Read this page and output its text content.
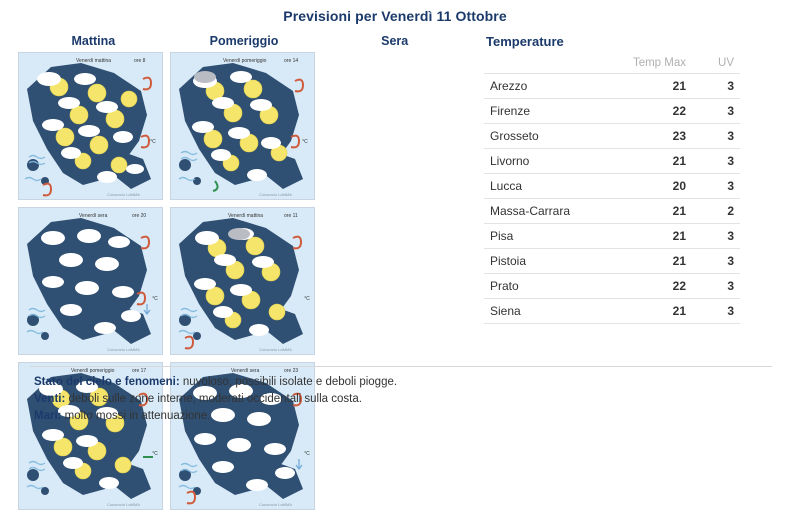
Previsioni per Venerdì 11 Ottobre
Mattina	Pomeriggio	Sera
Venerdì mattina	ore 8
°C
Consorzio LaMMA
Venerdì pomeriggio	ore 14
°C
Consorzio LaMMA
Venerdì sera	ore 20
°C
Consorzio LaMMA
Venerdì mattina	ore 11
°C
Consorzio LaMMA
Venerdì pomeriggio	ore 17
°C
Consorzio LaMMA
Venerdì sera	ore 23
°C
Consorzio LaMMA
Temperature
	Temp Max	UV
Arezzo	21	3
Firenze	22	3
Grosseto	23	3
Livorno	21	3
Lucca	20	3
Massa-Carrara	21	2
Pisa	21	3
Pistoia	21	3
Prato	22	3
Siena	21	3
Stato del cielo e fenomeni: nuvoloso, possibili isolate e deboli piogge.
Venti: deboli sulle zone interne, moderati occidentali sulla costa.
Mari: molto mossi in attenuazione.
